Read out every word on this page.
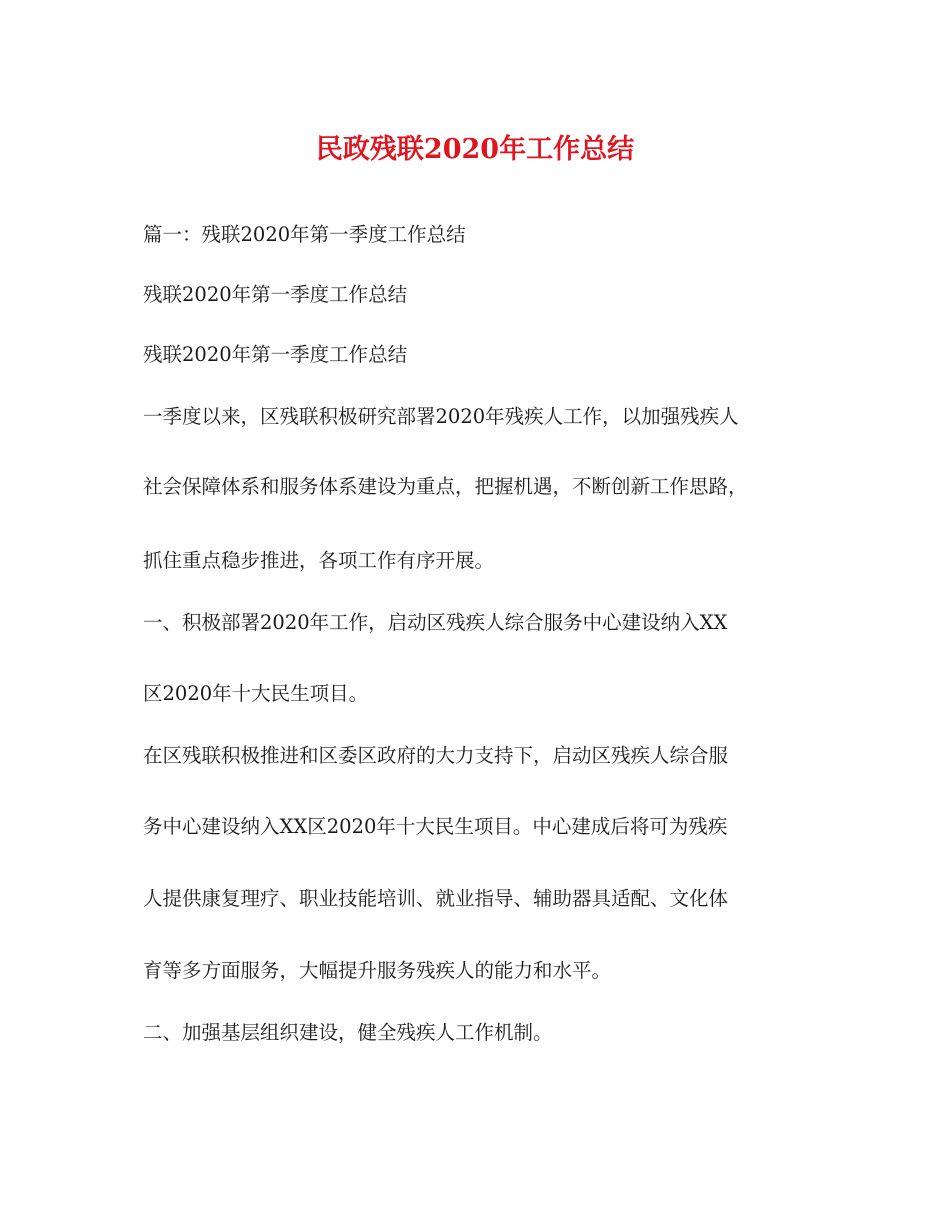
民政残联2020年工作总结

篇一：残联2020年第一季度工作总结

残联2020年第一季度工作总结

残联2020年第一季度工作总结

一季度以来，区残联积极研究部署2020年残疾人工作，以加强残疾人

社会保障体系和服务体系建设为重点，把握机遇，不断创新工作思路，

抓住重点稳步推进，各项工作有序开展。

一、积极部署2020年工作，启动区残疾人综合服务中心建设纳入XX

区2020年十大民生项目。

在区残联积极推进和区委区政府的大力支持下，启动区残疾人综合服

务中心建设纳入XX区2020年十大民生项目。中心建成后将可为残疾

人提供康复理疗、职业技能培训、就业指导、辅助器具适配、文化体

育等多方面服务，大幅提升服务残疾人的能力和水平。

二、加强基层组织建设，健全残疾人工作机制。
